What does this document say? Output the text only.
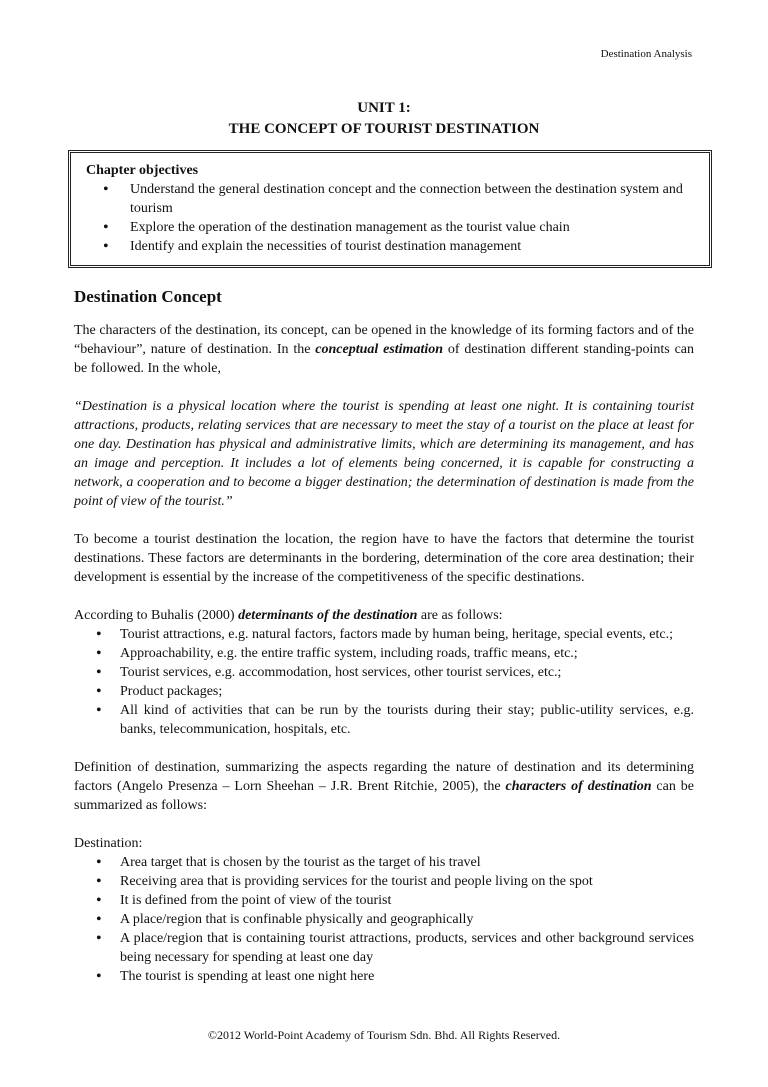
Destination Analysis
UNIT 1:
THE CONCEPT OF TOURIST DESTINATION
Chapter objectives
• Understand the general destination concept and the connection between the destination system and tourism
• Explore the operation of the destination management as the tourist value chain
• Identify and explain the necessities of tourist destination management
Destination Concept

The characters of the destination, its concept, can be opened in the knowledge of its forming factors and of the “behaviour”, nature of destination. In the conceptual estimation of destination different standing-points can be followed. In the whole,

“Destination is a physical location where the tourist is spending at least one night. It is containing tourist attractions, products, relating services that are necessary to meet the stay of a tourist on the place at least for one day. Destination has physical and administrative limits, which are determining its management, and has an image and perception. It includes a lot of elements being concerned, it is capable for constructing a network, a cooperation and to become a bigger destination; the determination of destination is made from the point of view of the tourist.”

To become a tourist destination the location, the region have to have the factors that determine the tourist destinations. These factors are determinants in the bordering, determination of the core area destination; their development is essential by the increase of the competitiveness of the specific destinations.

According to Buhalis (2000) determinants of the destination are as follows:

• Tourist attractions, e.g. natural factors, factors made by human being, heritage, special events, etc.;
• Approachability, e.g. the entire traffic system, including roads, traffic means, etc.;
• Tourist services, e.g. accommodation, host services, other tourist services, etc.;
• Product packages;
• All kind of activities that can be run by the tourists during their stay; public-utility services, e.g. banks, telecommunication, hospitals, etc.

Definition of destination, summarizing the aspects regarding the nature of destination and its determining factors (Angelo Presenza – Lorn Sheehan – J.R. Brent Ritchie, 2005), the characters of destination can be summarized as follows:

Destination:

• Area target that is chosen by the tourist as the target of his travel
• Receiving area that is providing services for the tourist and people living on the spot
• It is defined from the point of view of the tourist
• A place/region that is confinable physically and geographically
• A place/region that is containing tourist attractions, products, services and other background services being necessary for spending at least one day
• The tourist is spending at least one night here
©2012 World-Point Academy of Tourism Sdn. Bhd. All Rights Reserved.
